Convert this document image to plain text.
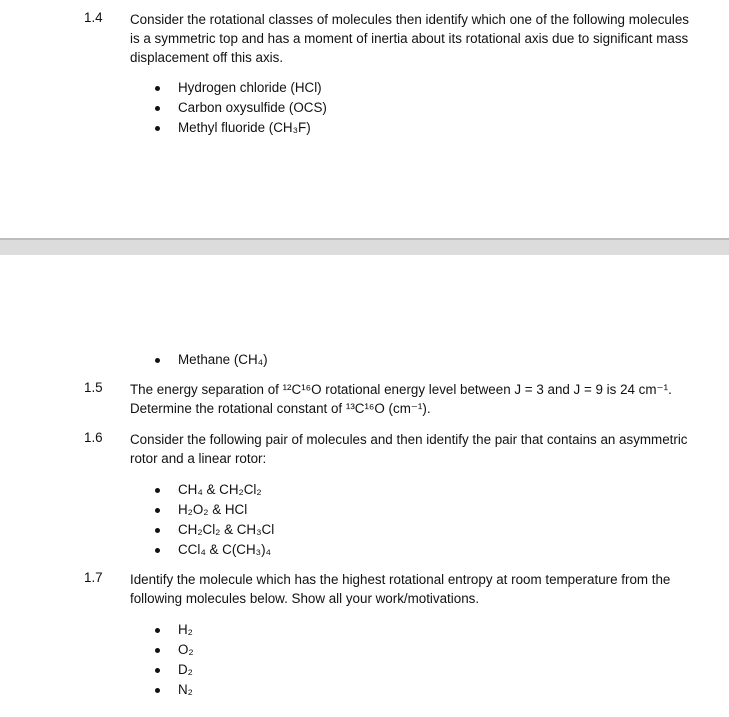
1.4 Consider the rotational classes of molecules then identify which one of the following molecules is a symmetric top and has a moment of inertia about its rotational axis due to significant mass displacement off this axis.
Hydrogen chloride (HCl)
Carbon oxysulfide (OCS)
Methyl fluoride (CH₃F)
Methane (CH₄)
1.5 The energy separation of ¹²C¹⁶O rotational energy level between J = 3 and J = 9 is 24 cm⁻¹.
Determine the rotational constant of ¹³C¹⁶O (cm⁻¹).
1.6 Consider the following pair of molecules and then identify the pair that contains an asymmetric rotor and a linear rotor:
CH₄ & CH₂Cl₂
H₂O₂ & HCl
CH₂Cl₂ & CH₃Cl
CCl₄ & C(CH₃)₄
1.7 Identify the molecule which has the highest rotational entropy at room temperature from the following molecules below. Show all your work/motivations.
H₂
O₂
D₂
N₂
